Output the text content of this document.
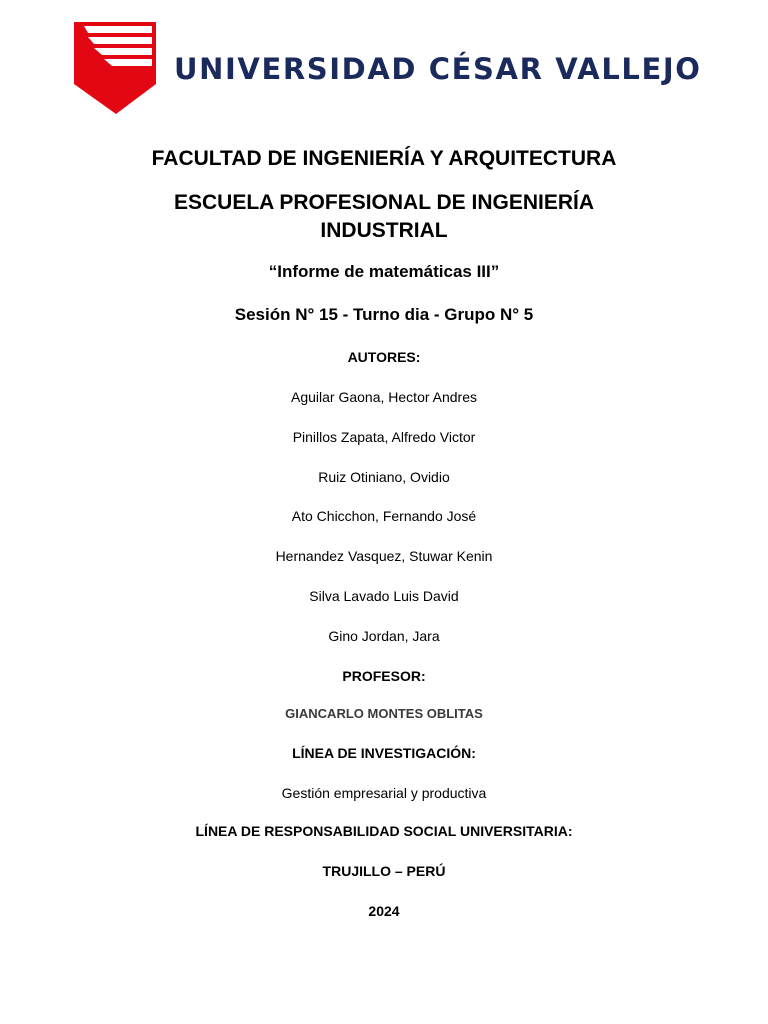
UNIVERSIDAD CÉSAR VALLEJO
FACULTAD DE INGENIERÍA Y ARQUITECTURA
ESCUELA PROFESIONAL DE INGENIERÍA
INDUSTRIAL
“Informe de matemáticas III”
Sesión N° 15 - Turno dia - Grupo N° 5
AUTORES:
Aguilar Gaona, Hector Andres
Pinillos Zapata, Alfredo Victor
Ruiz Otiniano, Ovidio
Ato Chicchon, Fernando José
Hernandez Vasquez, Stuwar Kenin
Silva Lavado Luis David
Gino Jordan, Jara
PROFESOR:
GIANCARLO MONTES OBLITAS
LÍNEA DE INVESTIGACIÓN:
Gestión empresarial y productiva
LÍNEA DE RESPONSABILIDAD SOCIAL UNIVERSITARIA:
TRUJILLO – PERÚ
2024
